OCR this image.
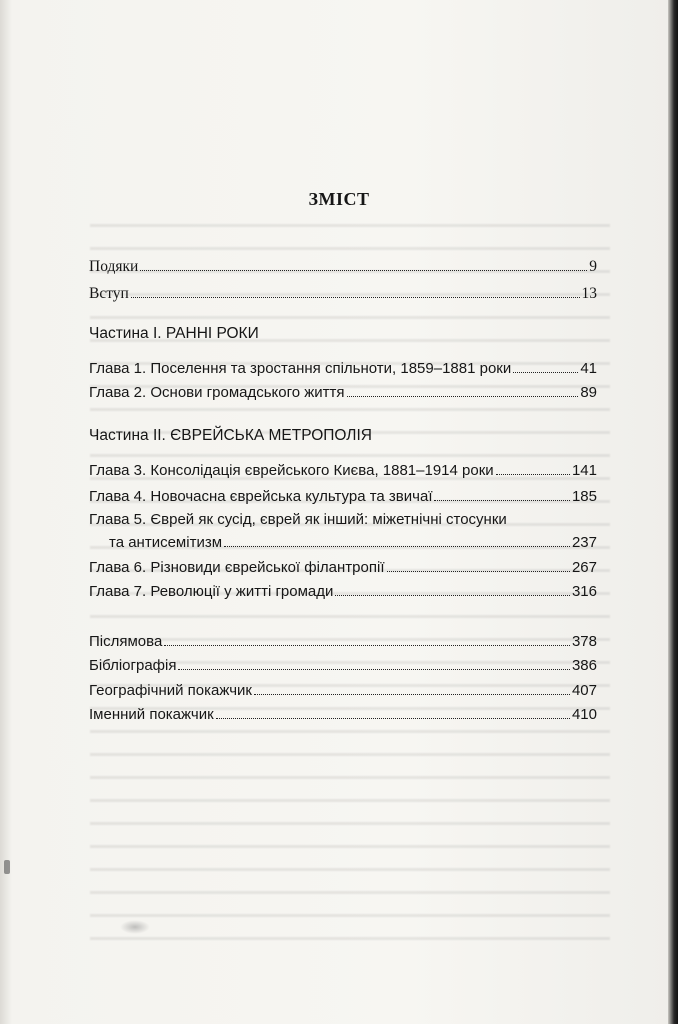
ЗМІСТ
Подяки	9
Вступ	13
Частина І. РАННІ РОКИ
Глава 1. Поселення та зростання спільноти, 1859–1881 роки	41
Глава 2. Основи громадського життя	89
Частина ІІ. ЄВРЕЙСЬКА МЕТРОПОЛІЯ
Глава 3. Консолідація єврейського Києва, 1881–1914 роки	141
Глава 4. Новочасна єврейська культура та звичаї	185
Глава 5. Єврей як сусід, єврей як інший: міжетнічні стосунки
та антисемітизм	237
Глава 6. Різновиди єврейської філантропії	267
Глава 7. Революції у житті громади	316
Післямова	378
Бібліографія	386
Географічний покажчик	407
Іменний покажчик	410
